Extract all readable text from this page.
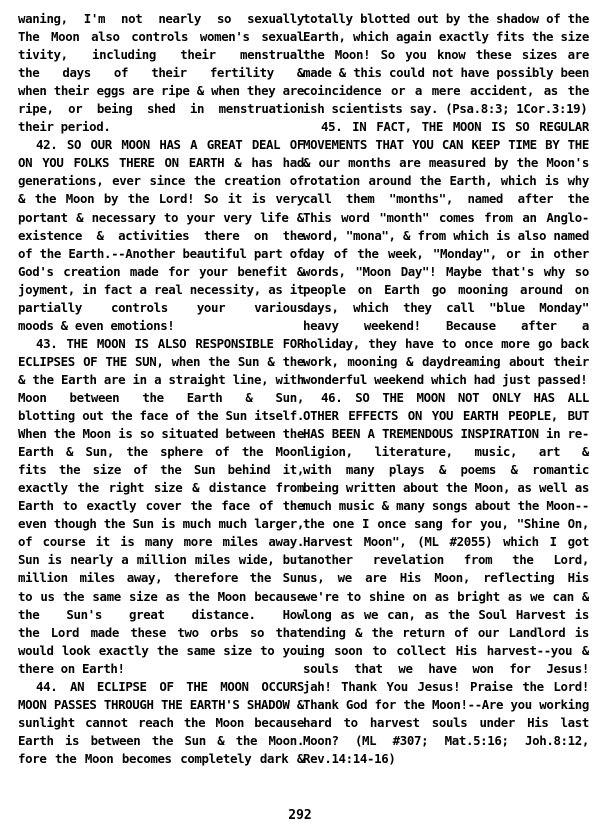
waning, I'm not nearly so sexually
The Moon also controls women's sexual
tivity, including their menstrual
the days of their fertility &
when their eggs are ripe & when they are
ripe, or being shed in menstruation
their period.
42. SO OUR MOON HAS A GREAT DEAL OF
ON YOU FOLKS THERE ON EARTH & has had
generations, ever since the creation of
& the Moon by the Lord! So it is very
portant & necessary to your very life &
existence & activities there on the
of the Earth.--Another beautiful part of
God's creation made for your benefit &
joyment, in fact a real necessity, as it
partially controls your various
moods & even emotions!
43. THE MOON IS ALSO RESPONSIBLE FOR
ECLIPSES OF THE SUN, when the Sun & the
& the Earth are in a straight line, with
Moon between the Earth & Sun,
blotting out the face of the Sun itself.
When the Moon is so situated between the
Earth & Sun, the sphere of the Moon
fits the size of the Sun behind it,
exactly the right size & distance from
Earth to exactly cover the face of the
even though the Sun is much much larger,
of course it is many more miles away.
Sun is nearly a million miles wide, but
million miles away, therefore the Sun
to us the same size as the Moon because
the Sun's great distance. How
the Lord made these two orbs so that
would look exactly the same size to you
there on Earth!
44. AN ECLIPSE OF THE MOON OCCURS
MOON PASSES THROUGH THE EARTH'S SHADOW &
sunlight cannot reach the Moon because
Earth is between the Sun & the Moon.
fore the Moon becomes completely dark &
totally blotted out by the shadow of the
Earth, which again exactly fits the size
the Moon! So you know these sizes are
made & this could not have possibly been
coincidence or a mere accident, as the
ish scientists say. (Psa.8:3; 1Cor.3:19)
45. IN FACT, THE MOON IS SO REGULAR
MOVEMENTS THAT YOU CAN KEEP TIME BY THE
& our months are measured by the Moon's
rotation around the Earth, which is why
call them "months", named after the
This word "month" comes from an Anglo-
word, "mona", & from which is also named
day of the week, "Monday", or in other
words, "Moon Day"! Maybe that's why so
people on Earth go mooning around on
days, which they call "blue Monday"
heavy weekend! Because after a
holiday, they have to once more go back
work, mooning & daydreaming about their
wonderful weekend which had just passed!
46. SO THE MOON NOT ONLY HAS ALL
OTHER EFFECTS ON YOU EARTH PEOPLE, BUT
HAS BEEN A TREMENDOUS INSPIRATION in re-
ligion, literature, music, art &
with many plays & poems & romantic
being written about the Moon, as well as
much music & many songs about the Moon--
the one I once sang for you, "Shine On,
Harvest Moon", (ML #2055) which I got
another revelation from the Lord,
us, we are His Moon, reflecting His
we're to shine on as bright as we can &
long as we can, as the Soul Harvest is
ending & the return of our Landlord is
ing soon to collect His harvest--you &
souls that we have won for Jesus!
jah! Thank You Jesus! Praise the Lord!
Thank God for the Moon!--Are you working
hard to harvest souls under His last
Moon? (ML #307; Mat.5:16; Joh.8:12,
Rev.14:14-16)
292
